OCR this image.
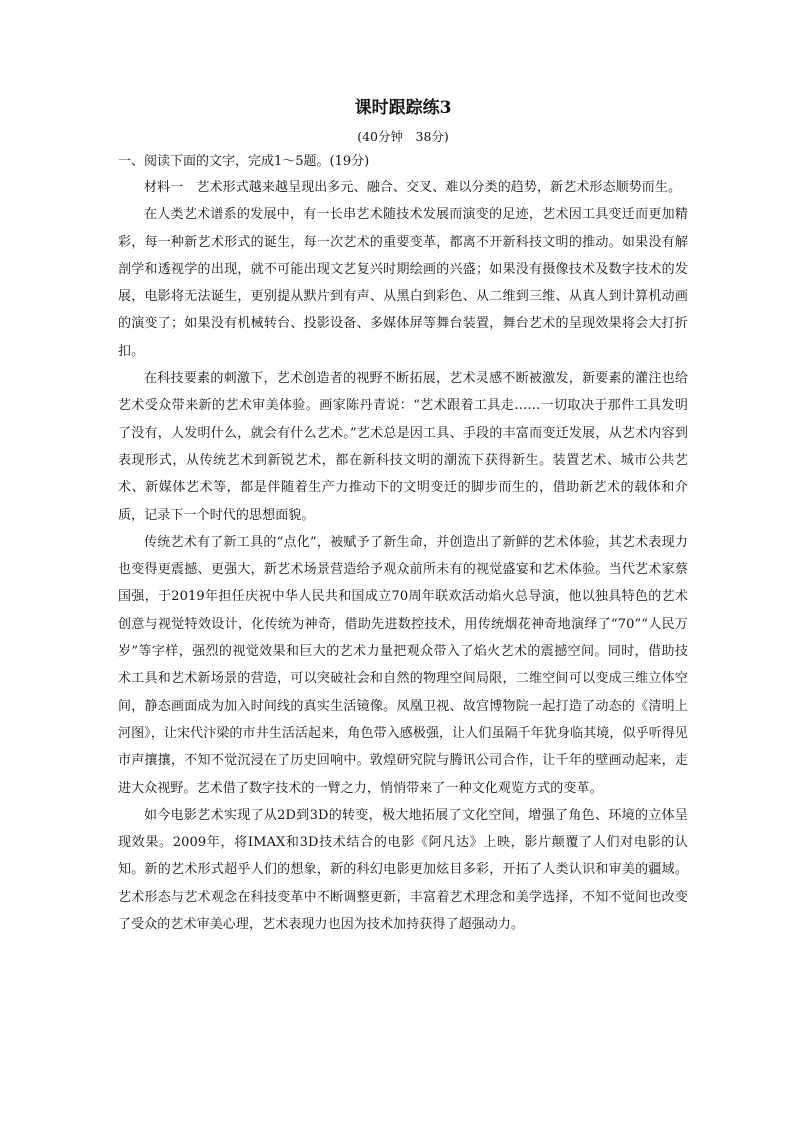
课时跟踪练3
(40分钟　38分)

一、阅读下面的文字，完成1～5题。(19分)

材料一　艺术形式越来越呈现出多元、融合、交叉、难以分类的趋势，新艺术形态顺势而生。

在人类艺术谱系的发展中，有一长串艺术随技术发展而演变的足迹，艺术因工具变迁而更加精彩，每一种新艺术形式的诞生，每一次艺术的重要变革，都离不开新科技文明的推动。如果没有解剖学和透视学的出现，就不可能出现文艺复兴时期绘画的兴盛；如果没有摄像技术及数字技术的发展，电影将无法诞生，更别提从默片到有声、从黑白到彩色、从二维到三维、从真人到计算机动画的演变了；如果没有机械转台、投影设备、多媒体屏等舞台装置，舞台艺术的呈现效果将会大打折扣。

在科技要素的刺激下，艺术创造者的视野不断拓展，艺术灵感不断被激发，新要素的灌注也给艺术受众带来新的艺术审美体验。画家陈丹青说：“艺术跟着工具走……一切取决于那件工具发明了没有，人发明什么，就会有什么艺术。”艺术总是因工具、手段的丰富而变迁发展，从艺术内容到表现形式，从传统艺术到新锐艺术，都在新科技文明的潮流下获得新生。装置艺术、城市公共艺术、新媒体艺术等，都是伴随着生产力推动下的文明变迁的脚步而生的，借助新艺术的载体和介质，记录下一个时代的思想面貌。

传统艺术有了新工具的“点化”，被赋予了新生命，并创造出了新鲜的艺术体验，其艺术表现力也变得更震撼、更强大，新艺术场景营造给予观众前所未有的视觉盛宴和艺术体验。当代艺术家蔡国强，于2019年担任庆祝中华人民共和国成立70周年联欢活动焰火总导演，他以独具特色的艺术创意与视觉特效设计，化传统为神奇，借助先进数控技术，用传统烟花神奇地演绎了“70”“人民万岁”等字样，强烈的视觉效果和巨大的艺术力量把观众带入了焰火艺术的震撼空间。同时，借助技术工具和艺术新场景的营造，可以突破社会和自然的物理空间局限，二维空间可以变成三维立体空间，静态画面成为加入时间线的真实生活镜像。凤凰卫视、故宫博物院一起打造了动态的《清明上河图》，让宋代汴梁的市井生活活起来，角色带入感极强，让人们虽隔千年犹身临其境，似乎听得见市声攘攘，不知不觉沉浸在了历史回响中。敦煌研究院与腾讯公司合作，让千年的壁画动起来，走进大众视野。艺术借了数字技术的一臂之力，悄悄带来了一种文化观览方式的变革。

如今电影艺术实现了从2D到3D的转变，极大地拓展了文化空间，增强了角色、环境的立体呈现效果。2009年，将IMAX和3D技术结合的电影《阿凡达》上映，影片颠覆了人们对电影的认知。新的艺术形式超乎人们的想象，新的科幻电影更加炫目多彩，开拓了人类认识和审美的疆域。艺术形态与艺术观念在科技变革中不断调整更新，丰富着艺术理念和美学选择，不知不觉间也改变了受众的艺术审美心理，艺术表现力也因为技术加持获得了超强动力。
